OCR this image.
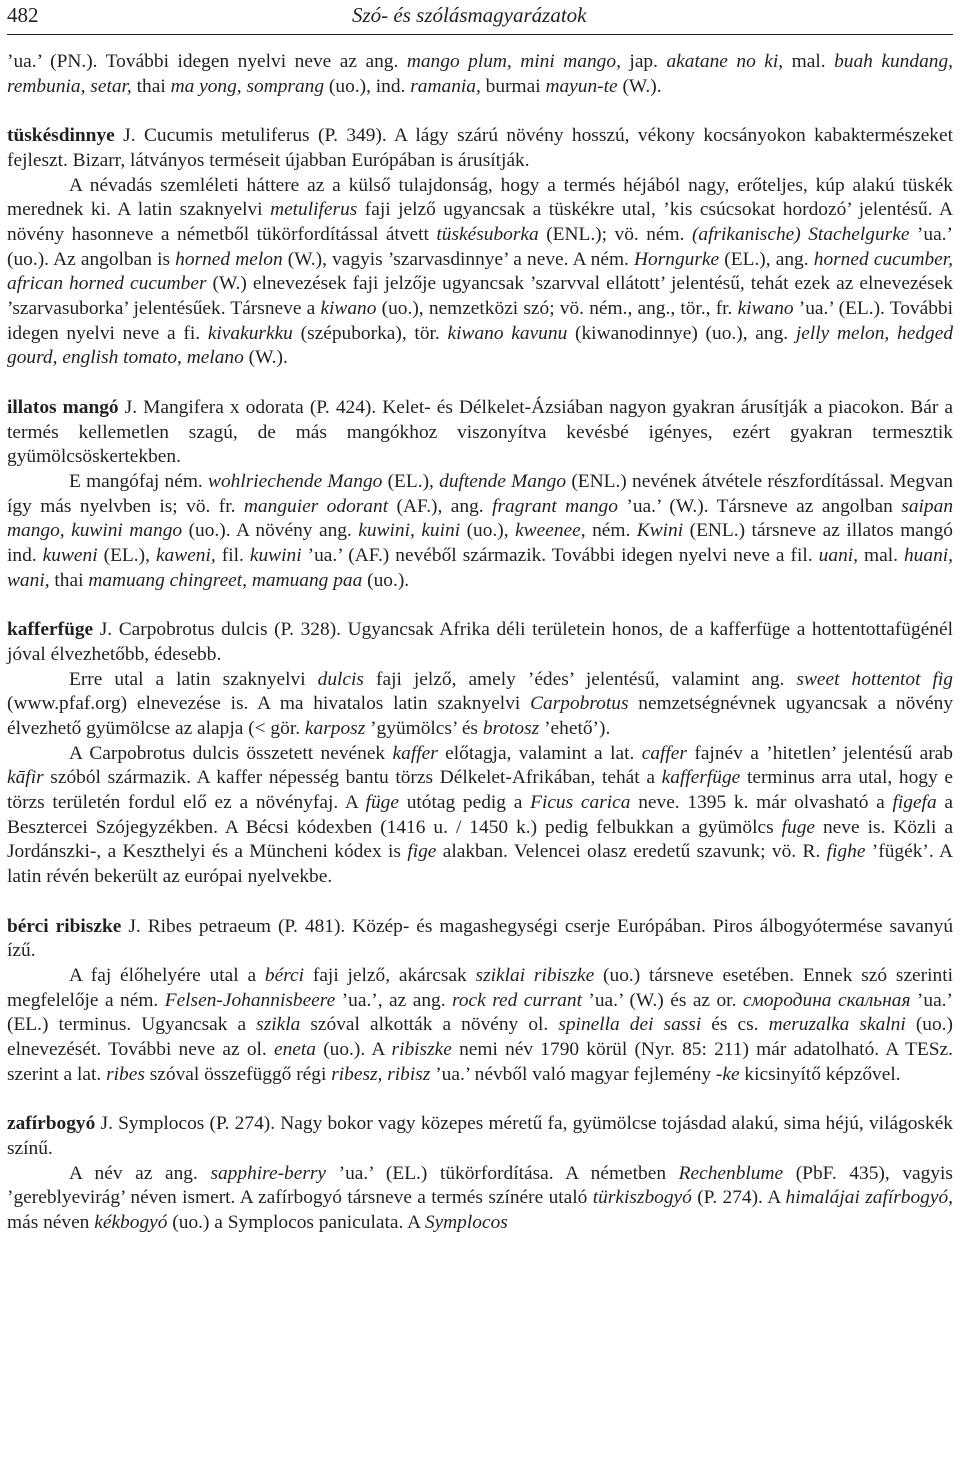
482	Szó- és szólásmagyarázatok

’ua.’ (PN.). További idegen nyelvi neve az ang. mango plum, mini mango, jap. akatane no ki, mal. buah kundang, rembunia, setar, thai ma yong, somprang (uo.), ind. ramania, burmai mayun-te (W.).

tüskésdinnye J. Cucumis metuliferus (P. 349). A lágy szárú növény hosszú, vékony kocsányokon kabaktermészeket fejleszt. Bizarr, látványos terméseit újabban Európában is árusítják.

A névadás szemléleti háttere az a külső tulajdonság, hogy a termés héjából nagy, erőteljes, kúp alakú tüskék merednek ki. A latin szaknyelvi metuliferus faji jelző ugyancsak a tüskékre utal, ’kis csúcsokat hordozó’ jelentésű. A növény hasonneve a németből tükörfordítással átvett tüskésuborka (ENL.); vö. ném. (afrikanische) Stachelgurke ’ua.’ (uo.). Az angolban is horned melon (W.), vagyis ’szarvasdinnye’ a neve. A ném. Horngurke (EL.), ang. horned cucumber, african horned cucumber (W.) elnevezések faji jelzője ugyancsak ’szarvval ellátott’ jelentésű, tehát ezek az elnevezések ’szarvasuborka’ jelentésűek. Társneve a kiwano (uo.), nemzetközi szó; vö. ném., ang., tör., fr. kiwano ’ua.’ (EL.). További idegen nyelvi neve a fi. kivakurkku (szépuborka), tör. kiwano kavunu (kiwanodinnye) (uo.), ang. jelly melon, hedged gourd, english tomato, melano (W.).

illatos mangó J. Mangifera x odorata (P. 424). Kelet- és Délkelet-Ázsiában nagyon gyakran árusítják a piacokon. Bár a termés kellemetlen szagú, de más mangókhoz viszonyítva kevésbé igényes, ezért gyakran termesztik gyümölcsöskertekben.

E mangófaj ném. wohlriechende Mango (EL.), duftende Mango (ENL.) nevének átvétele részfordítással. Megvan így más nyelvben is; vö. fr. manguier odorant (AF.), ang. fragrant mango ’ua.’ (W.). Társneve az angolban saipan mango, kuwini mango (uo.). A növény ang. kuwini, kuini (uo.), kweenee, ném. Kwini (ENL.) társneve az illatos mangó ind. kuweni (EL.), kaweni, fil. kuwini ’ua.’ (AF.) nevéből származik. További idegen nyelvi neve a fil. uani, mal. huani, wani, thai mamuang chingreet, mamuang paa (uo.).

kafferfüge J. Carpobrotus dulcis (P. 328). Ugyancsak Afrika déli területein honos, de a kafferfüge a hottentottafügénél jóval élvezhetőbb, édesebb.

Erre utal a latin szaknyelvi dulcis faji jelző, amely ’édes’ jelentésű, valamint ang. sweet hottentot fig (www.pfaf.org) elnevezése is. A ma hivatalos latin szaknyelvi Carpobrotus nemzetségnévnek ugyancsak a növény élvezhető gyümölcse az alapja (< gör. karposz ’gyümölcs’ és brotosz ’ehető’).

A Carpobrotus dulcis összetett nevének kaffer előtagja, valamint a lat. caffer fajnév a ’hitetlen’ jelentésű arab kāfir szóból származik. A kaffer népesség bantu törzs Délkelet-Afrikában, tehát a kafferfüge terminus arra utal, hogy e törzs területén fordul elő ez a növényfaj. A füge utótag pedig a Ficus carica neve. 1395 k. már olvasható a figefa a Besztercei Szójegyzékben. A Bécsi kódexben (1416 u. / 1450 k.) pedig felbukkan a gyümölcs fuge neve is. Közli a Jordánszki-, a Keszthelyi és a Müncheni kódex is fige alakban. Velencei olasz eredetű szavunk; vö. R. fighe ’fügék’. A latin révén bekerült az európai nyelvekbe.

bérci ribiszke J. Ribes petraeum (P. 481). Közép- és magashegységi cserje Európában. Piros álbogyótermése savanyú ízű.

A faj élőhelyére utal a bérci faji jelző, akárcsak sziklai ribiszke (uo.) társneve esetében. Ennek szó szerinti megfelelője a ném. Felsen-Johannisbeere ’ua.’, az ang. rock red currant ’ua.’ (W.) és az or. смородина скальная ’ua.’ (EL.) terminus. Ugyancsak a szikla szóval alkották a növény ol. spinella dei sassi és cs. meruzalka skalni (uo.) elnevezését. További neve az ol. eneta (uo.). A ribiszke nemi név 1790 körül (Nyr. 85: 211) már adatolható. A TESz. szerint a lat. ribes szóval összefüggő régi ribesz, ribisz ’ua.’ névből való magyar fejlemény -ke kicsinyítő képzővel.

zafírbogyó J. Symplocos (P. 274). Nagy bokor vagy közepes méretű fa, gyümölcse tojásdad alakú, sima héjú, világoskék színű.

A név az ang. sapphire-berry ’ua.’ (EL.) tükörfordítása. A németben Rechenblume (PbF. 435), vagyis ’gereblyevirág’ néven ismert. A zafírbogyó társneve a termés színére utaló türkiszbogyó (P. 274). A himalájai zafírbogyó, más néven kékbogyó (uo.) a Symplocos paniculata. A Symplocos
